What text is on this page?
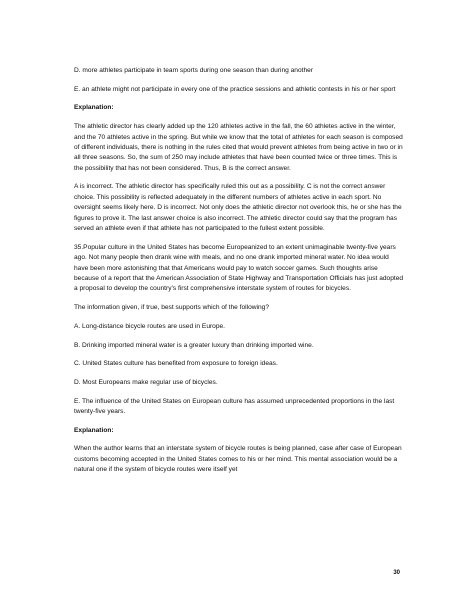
D. more athletes participate in team sports during one season than during another

E. an athlete might not participate in every one of the practice sessions and athletic contests in his or her sport

Explanation:

The athletic director has clearly added up the 120 athletes active in the fall, the 60 athletes active in the winter, and the 70 athletes active in the spring. But while we know that the total of athletes for each season is composed of different individuals, there is nothing in the rules cited that would prevent athletes from being active in two or in all three seasons. So, the sum of 250 may include athletes that have been counted twice or three times. This is the possibility that has not been considered. Thus, B is the correct answer.

A is incorrect. The athletic director has specifically ruled this out as a possibility. C is not the correct answer choice. This possibility is reflected adequately in the different numbers of athletes active in each sport. No oversight seems likely here. D is incorrect. Not only does the athletic director not overlook this, he or she has the figures to prove it. The last answer choice is also incorrect. The athletic director could say that the program has served an athlete even if that athlete has not participated to the fullest extent possible.

35.Popular culture in the United States has become Europeanized to an extent unimaginable twenty-five years ago. Not many people then drank wine with meals, and no one drank imported mineral water. No idea would have been more astonishing that that Americans would pay to watch soccer games. Such thoughts arise because of a report that the American Association of State Highway and Transportation Officials has just adopted a proposal to develop the country’s first comprehensive interstate system of routes for bicycles.

The information given, if true, best supports which of the following?

A. Long-distance bicycle routes are used in Europe.

B. Drinking imported mineral water is a greater luxury than drinking imported wine.

C. United States culture has benefited from exposure to foreign ideas.

D. Most Europeans make regular use of bicycles.

E. The influence of the United States on European culture has assumed unprecedented proportions in the last twenty-five years.

Explanation:

When the author learns that an interstate system of bicycle routes is being planned, case after case of European customs becoming accepted in the United States comes to his or her mind. This mental association would be a natural one if the system of bicycle routes were itself yet

30
